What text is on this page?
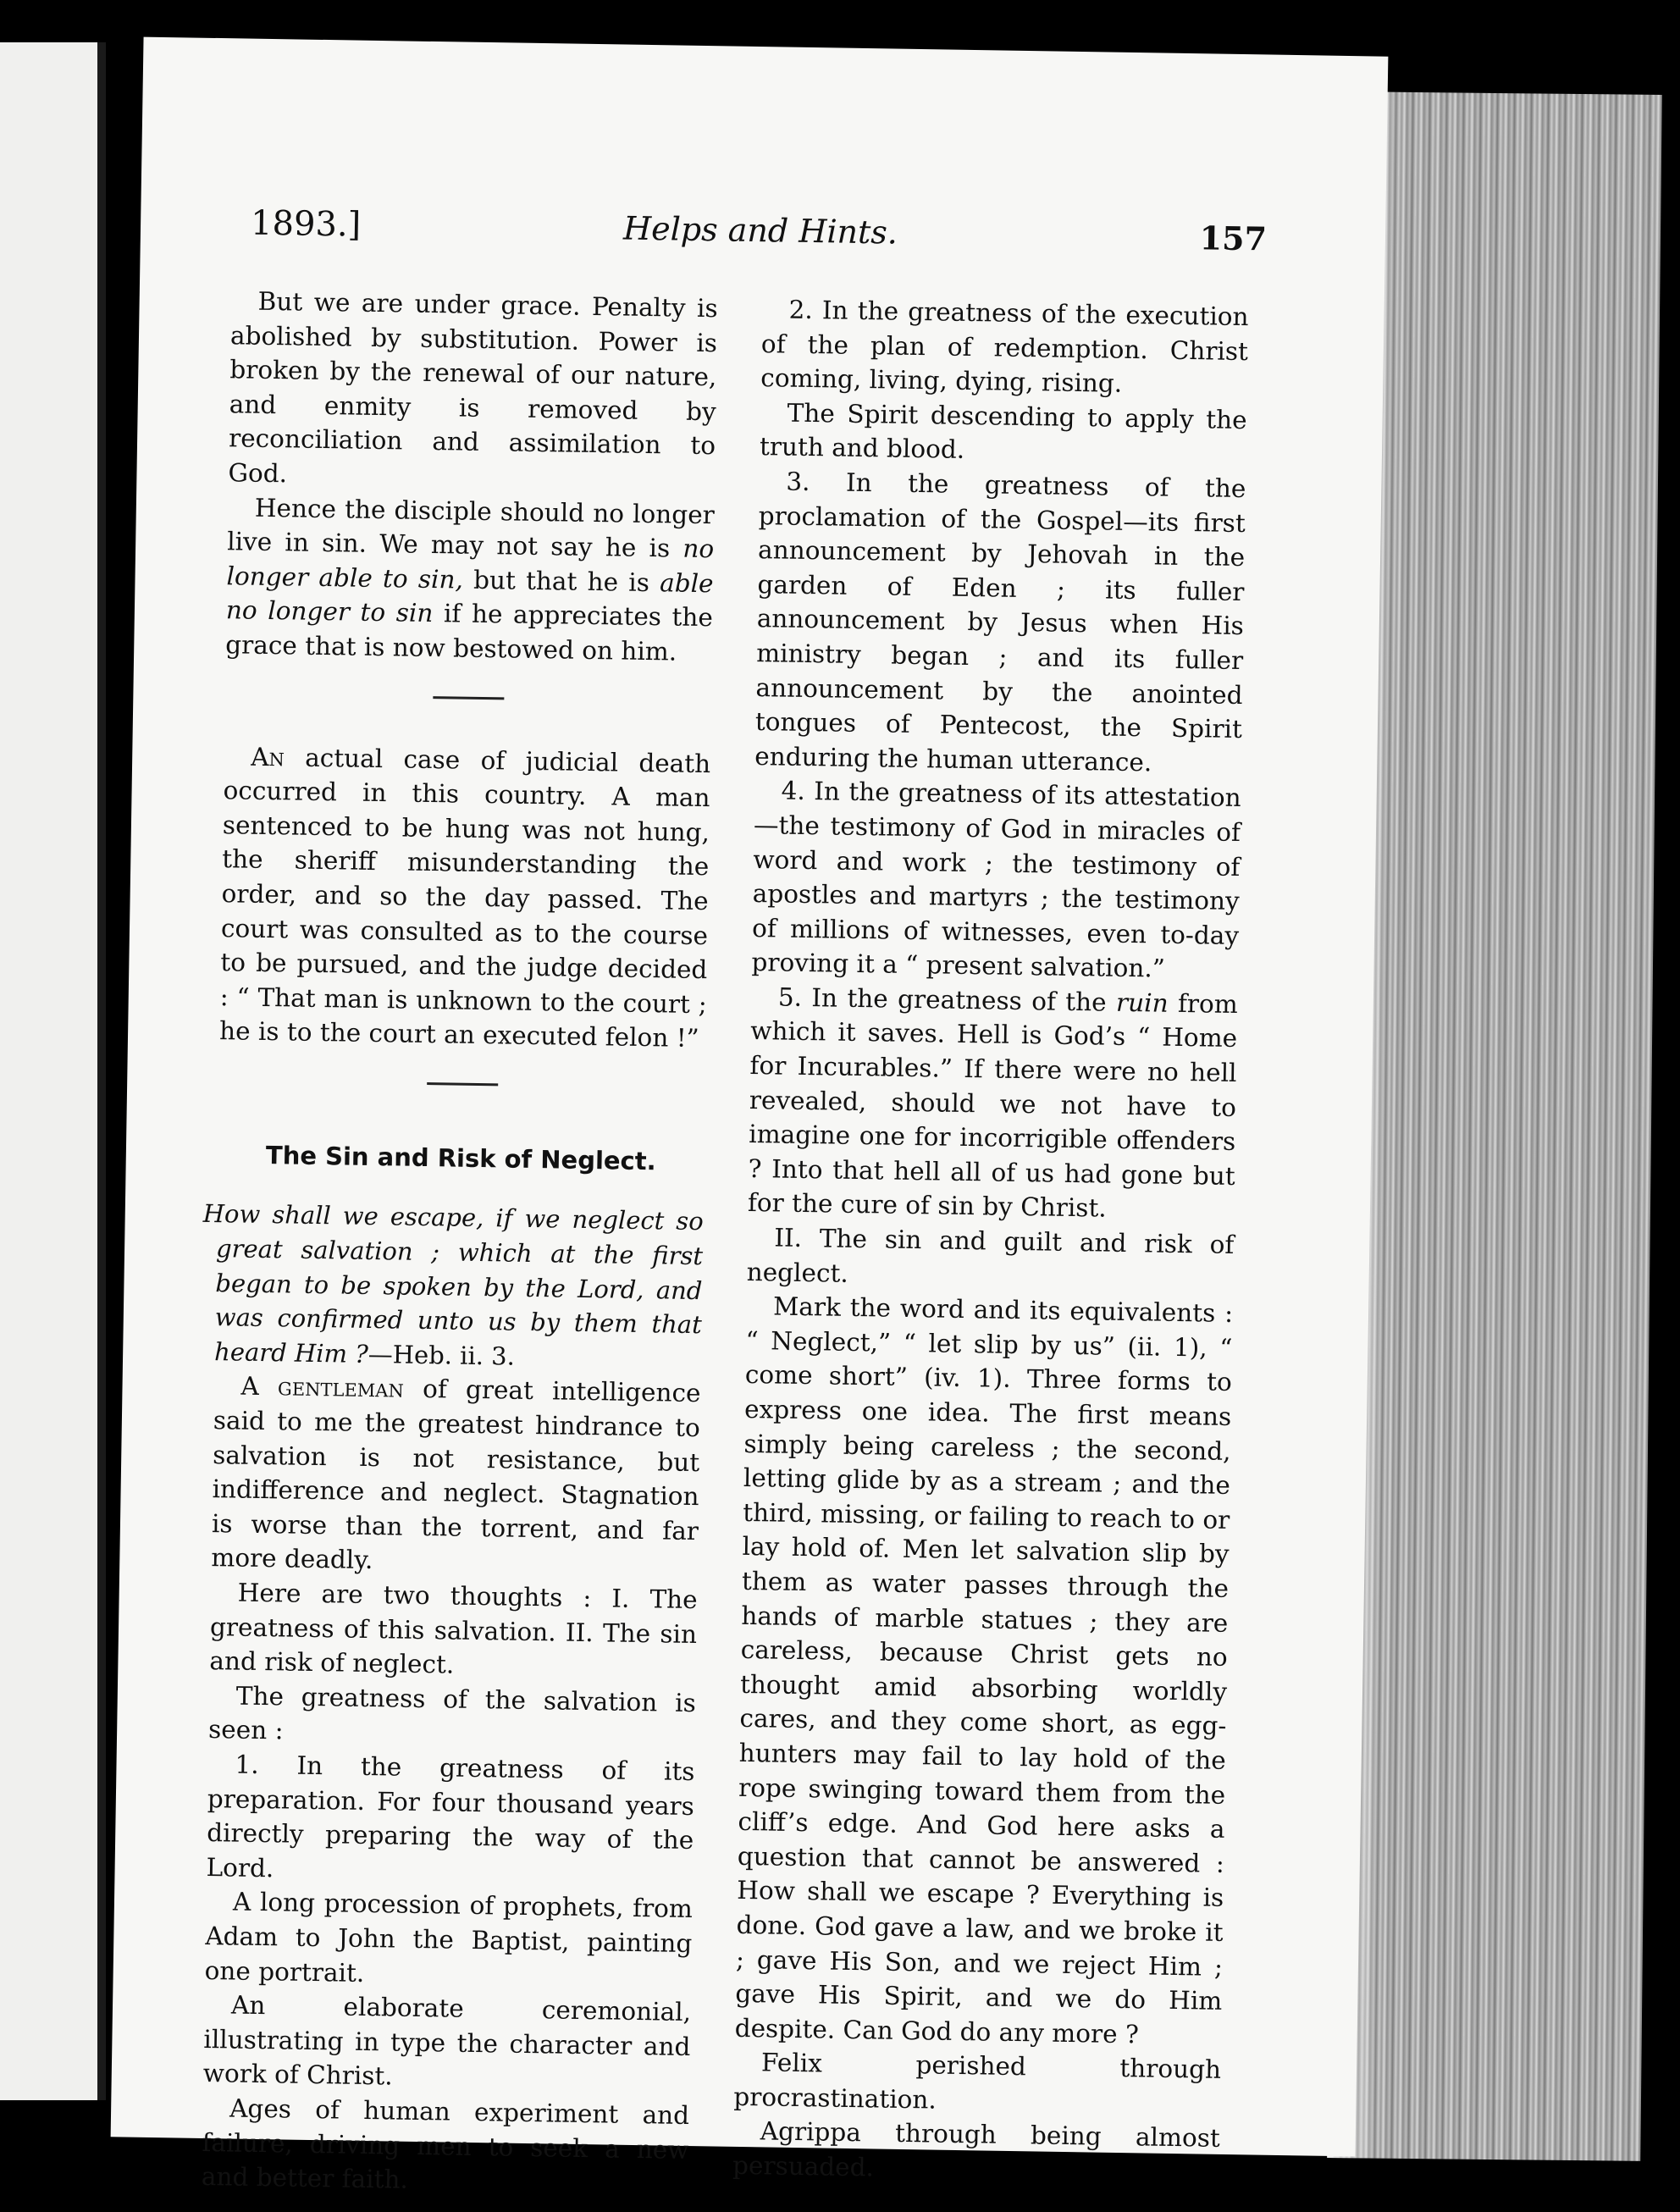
1893.]	Helps and Hints.	157

But we are under grace. Penalty is abolished by substitution. Power is broken by the renewal of our nature, and enmity is removed by reconciliation and assimilation to God.

Hence the disciple should no longer live in sin. We may not say he is no longer able to sin, but that he is able no longer to sin if he appreciates the grace that is now bestowed on him.

An actual case of judicial death occurred in this country. A man sentenced to be hung was not hung, the sheriff misunderstanding the order, and so the day passed. The court was consulted as to the course to be pursued, and the judge decided : “ That man is unknown to the court ; he is to the court an executed felon !”

The Sin and Risk of Neglect.

How shall we escape, if we neglect so great salvation ; which at the first began to be spoken by the Lord, and was confirmed unto us by them that heard Him ?—Heb. ii. 3.

A gentleman of great intelligence said to me the greatest hindrance to salvation is not resistance, but indifference and neglect. Stagnation is worse than the torrent, and far more deadly.

Here are two thoughts : I. The greatness of this salvation. II. The sin and risk of neglect.

The greatness of the salvation is seen :

1. In the greatness of its preparation. For four thousand years directly preparing the way of the Lord.

A long procession of prophets, from Adam to John the Baptist, painting one portrait.

An elaborate ceremonial, illustrating in type the character and work of Christ.

Ages of human experiment and failure, driving men to seek a new and better faith.

2. In the greatness of the execution of the plan of redemption. Christ coming, living, dying, rising.

The Spirit descending to apply the truth and blood.

3. In the greatness of the proclamation of the Gospel—its first announcement by Jehovah in the garden of Eden ; its fuller announcement by Jesus when His ministry began ; and its fuller announcement by the anointed tongues of Pentecost, the Spirit enduring the human utterance.

4. In the greatness of its attestation—the testimony of God in miracles of word and work ; the testimony of apostles and martyrs ; the testimony of millions of witnesses, even to-day proving it a “ present salvation.”

5. In the greatness of the ruin from which it saves. Hell is God’s “ Home for Incurables.” If there were no hell revealed, should we not have to imagine one for incorrigible offenders ? Into that hell all of us had gone but for the cure of sin by Christ.

II. The sin and guilt and risk of neglect.

Mark the word and its equivalents : “ Neglect,” “ let slip by us” (ii. 1), “ come short” (iv. 1). Three forms to express one idea. The first means simply being careless ; the second, letting glide by as a stream ; and the third, missing, or failing to reach to or lay hold of. Men let salvation slip by them as water passes through the hands of marble statues ; they are careless, because Christ gets no thought amid absorbing worldly cares, and they come short, as egg-hunters may fail to lay hold of the rope swinging toward them from the cliff’s edge. And God here asks a question that cannot be answered : How shall we escape ? Everything is done. God gave a law, and we broke it ; gave His Son, and we reject Him ; gave His Spirit, and we do Him despite. Can God do any more ?

Felix perished through procrastination.

Agrippa through being almost persuaded.
